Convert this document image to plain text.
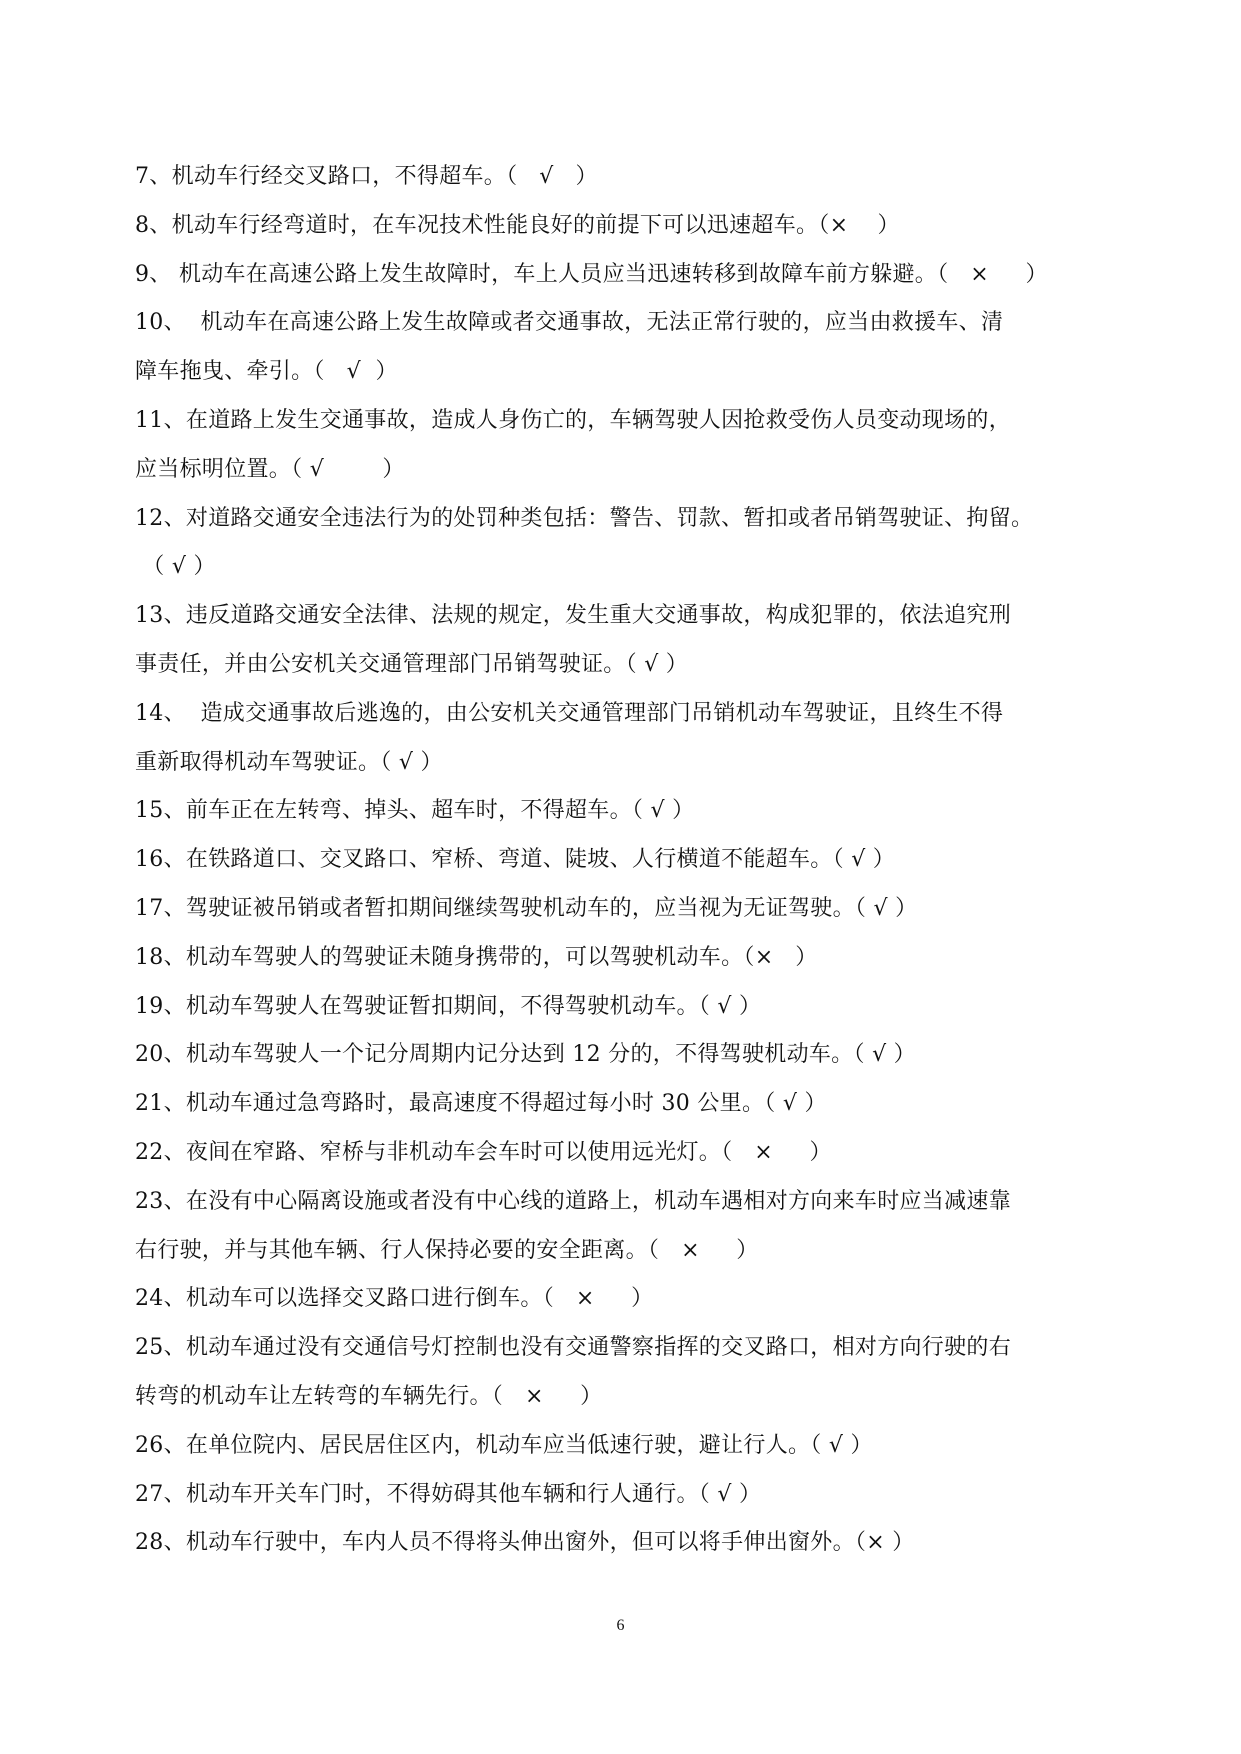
7、机动车行经交叉路口，不得超车。（   √   ）
8、机动车行经弯道时，在车况技术性能良好的前提下可以迅速超车。（×    ）
9、 机动车在高速公路上发生故障时，车上人员应当迅速转移到故障车前方躲避。（   ×     ）
10、  机动车在高速公路上发生故障或者交通事故，无法正常行驶的，应当由救援车、清
障车拖曳、牵引。（   √  ）
11、在道路上发生交通事故，造成人身伤亡的，车辆驾驶人因抢救受伤人员变动现场的，
应当标明位置。（ √        ）
12、对道路交通安全违法行为的处罚种类包括：警告、罚款、暂扣或者吊销驾驶证、拘留。
（ √ ）
13、违反道路交通安全法律、法规的规定，发生重大交通事故，构成犯罪的，依法追究刑
事责任，并由公安机关交通管理部门吊销驾驶证。（ √ ）
14、  造成交通事故后逃逸的，由公安机关交通管理部门吊销机动车驾驶证，且终生不得
重新取得机动车驾驶证。（ √ ）
15、前车正在左转弯、掉头、超车时，不得超车。（ √ ）
16、在铁路道口、交叉路口、窄桥、弯道、陡坡、人行横道不能超车。（ √ ）
17、驾驶证被吊销或者暂扣期间继续驾驶机动车的，应当视为无证驾驶。（ √ ）
18、机动车驾驶人的驾驶证未随身携带的，可以驾驶机动车。（×   ）
19、机动车驾驶人在驾驶证暂扣期间，不得驾驶机动车。（ √ ）
20、机动车驾驶人一个记分周期内记分达到 12 分的，不得驾驶机动车。（ √ ）
21、机动车通过急弯路时，最高速度不得超过每小时 30 公里。（ √ ）
22、夜间在窄路、窄桥与非机动车会车时可以使用远光灯。（   ×     ）
23、在没有中心隔离设施或者没有中心线的道路上，机动车遇相对方向来车时应当减速靠
右行驶，并与其他车辆、行人保持必要的安全距离。（   ×     ）
24、机动车可以选择交叉路口进行倒车。（   ×     ）
25、机动车通过没有交通信号灯控制也没有交通警察指挥的交叉路口，相对方向行驶的右
转弯的机动车让左转弯的车辆先行。（   ×     ）
26、在单位院内、居民居住区内，机动车应当低速行驶，避让行人。（ √ ）
27、机动车开关车门时，不得妨碍其他车辆和行人通行。（ √ ）
28、机动车行驶中，车内人员不得将头伸出窗外，但可以将手伸出窗外。（× ）
6
